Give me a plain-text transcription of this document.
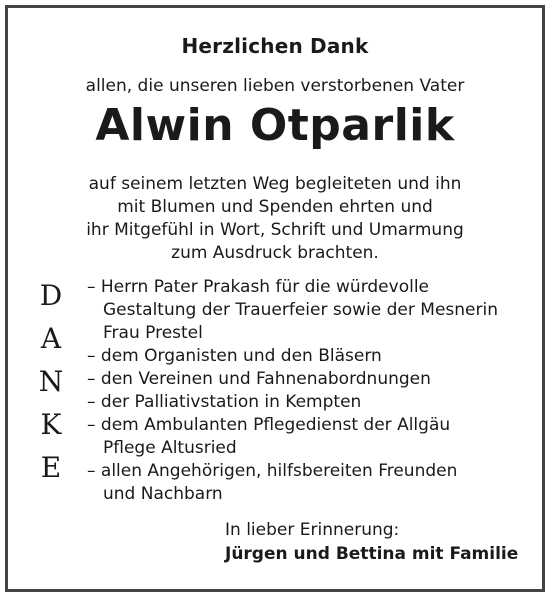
Herzlichen Dank
allen, die unseren lieben verstorbenen Vater
Alwin Otparlik
auf seinem letzten Weg begleiteten und ihn
mit Blumen und Spenden ehrten und
ihr Mitgefühl in Wort, Schrift und Umarmung
zum Ausdruck brachten.
D
A
N
K
E
– Herrn Pater Prakash für die würdevolle
Gestaltung der Trauerfeier sowie der Mesnerin
Frau Prestel
– dem Organisten und den Bläsern
– den Vereinen und Fahnenabordnungen
– der Palliativstation in Kempten
– dem Ambulanten Pflegedienst der Allgäu
Pflege Altusried
– allen Angehörigen, hilfsbereiten Freunden
und Nachbarn
In lieber Erinnerung:
Jürgen und Bettina mit Familie
